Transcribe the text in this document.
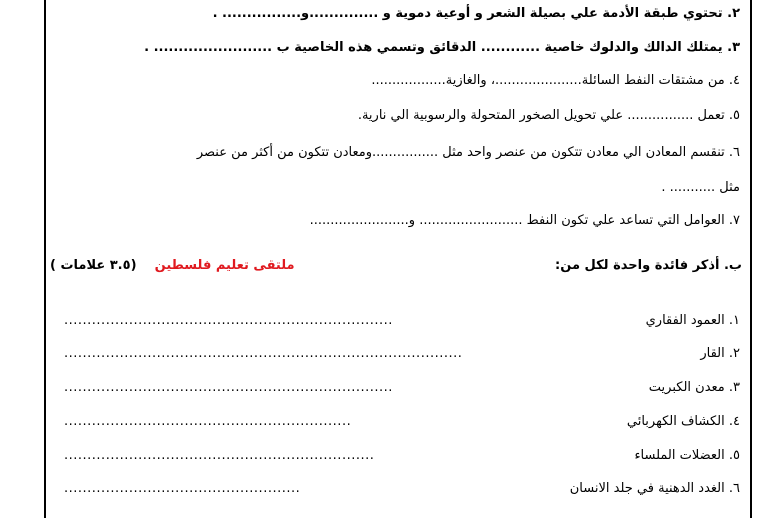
٢. تحتوي طبقة الأدمة علي بصيلة الشعر و أوعية دموية و ..............و................ .
٣. يمتلك الدالك والدلوك خاصية ............ الدقائق وتسمي هذه الخاصية ب ........................ .
٤. من مشتقات النفط السائلة.....................، والغازية..................
٥. تعمل ................ علي تحويل الصخور المتحولة والرسوبية الي نارية.
٦. تنقسم المعادن الي معادن تتكون من عنصر واحد مثل ................ومعادن تتكون من أكثر من عنصر
مثل ........... .
٧. العوامل التي تساعد علي تكون النفط ......................... و........................
ب. أذكر فائدة واحدة لكل من:
ملتقى تعليم فلسطين    (٣.٥ علامات )
١. العمود الفقاري
.......................................................................
٢. القار
......................................................................................
٣. معدن الكبريت
.......................................................................
٤. الكشاف الكهربائي
..............................................................
٥. العضلات الملساء
...................................................................
٦. الغدد الدهنية في جلد الانسان
...................................................
